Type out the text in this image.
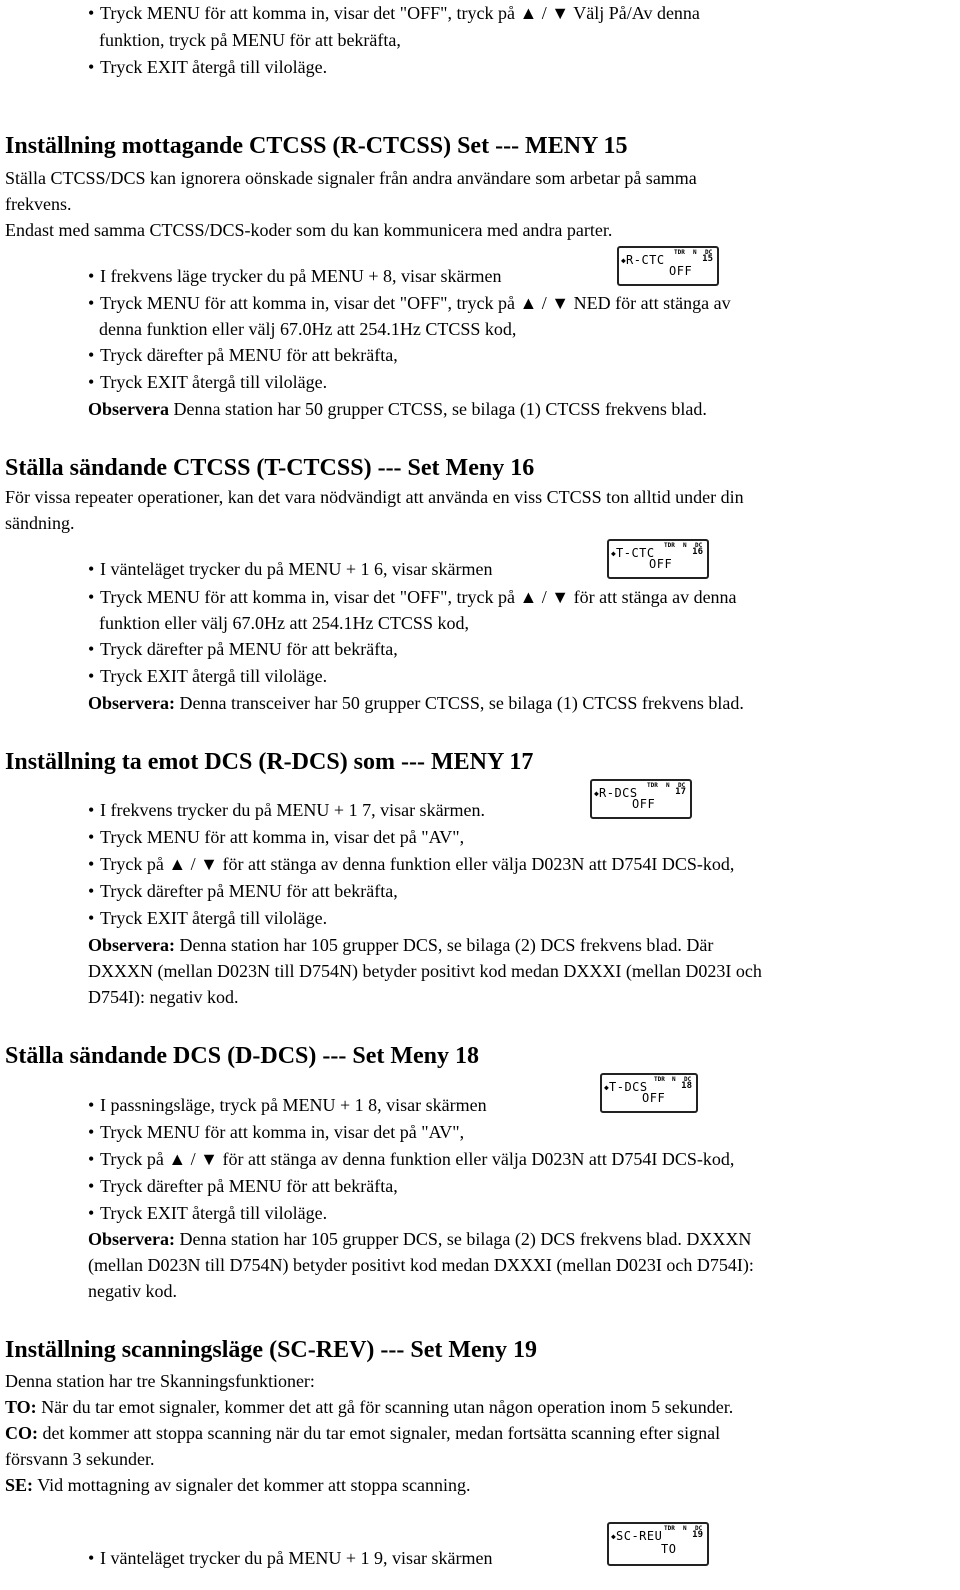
• Tryck MENU för att komma in, visar det "OFF", tryck på ▲ / ▼ Välj På/Av denna
funktion, tryck på MENU för att bekräfta,
• Tryck EXIT återgå till viloläge.
Inställning mottagande CTCSS (R-CTCSS) Set --- MENY 15
Ställa CTCSS/DCS kan ignorera oönskade signaler från andra användare som arbetar på samma
frekvens.
Endast med samma CTCSS/DCS-koder som du kan kommunicera med andra parter.
• I frekvens läge trycker du på MENU + 8, visar skärmen
TDR N DC
◆ R-CTC
OFF
15
• Tryck MENU för att komma in, visar det "OFF", tryck på ▲ / ▼ NED för att stänga av
denna funktion eller välj 67.0Hz att 254.1Hz CTCSS kod,
• Tryck därefter på MENU för att bekräfta,
• Tryck EXIT återgå till viloläge.
Observera Denna station har 50 grupper CTCSS, se bilaga (1) CTCSS frekvens blad.
Ställa sändande CTCSS (T-CTCSS) --- Set Meny 16
För vissa repeater operationer, kan det vara nödvändigt att använda en viss CTCSS ton alltid under din
sändning.
• I vänteläget trycker du på MENU + 1 6, visar skärmen
TDR N DC
◆ T-CTC
OFF
16
• Tryck MENU för att komma in, visar det "OFF", tryck på ▲ / ▼ för att stänga av denna
funktion eller välj 67.0Hz att 254.1Hz CTCSS kod,
• Tryck därefter på MENU för att bekräfta,
• Tryck EXIT återgå till viloläge.
Observera: Denna transceiver har 50 grupper CTCSS, se bilaga (1) CTCSS frekvens blad.
Inställning ta emot DCS (R-DCS) som --- MENY 17
• I frekvens trycker du på MENU + 1 7, visar skärmen.
TDR N DC
◆ R-DCS
OFF
17
• Tryck MENU för att komma in, visar det på "AV",
• Tryck på ▲ / ▼ för att stänga av denna funktion eller välja D023N att D754I DCS-kod,
• Tryck därefter på MENU för att bekräfta,
• Tryck EXIT återgå till viloläge.
Observera: Denna station har 105 grupper DCS, se bilaga (2) DCS frekvens blad. Där
DXXXN (mellan D023N till D754N) betyder positivt kod medan DXXXI (mellan D023I och
D754I): negativ kod.
Ställa sändande DCS (D-DCS) --- Set Meny 18
• I passningsläge, tryck på MENU + 1 8, visar skärmen
TDR N DC
◆ T-DCS
OFF
18
• Tryck MENU för att komma in, visar det på "AV",
• Tryck på ▲ / ▼ för att stänga av denna funktion eller välja D023N att D754I DCS-kod,
• Tryck därefter på MENU för att bekräfta,
• Tryck EXIT återgå till viloläge.
Observera: Denna station har 105 grupper DCS, se bilaga (2) DCS frekvens blad. DXXXN
(mellan D023N till D754N) betyder positivt kod medan DXXXI (mellan D023I och D754I):
negativ kod.
Inställning scanningsläge (SC-REV) --- Set Meny 19
Denna station har tre Skanningsfunktioner:
TO: När du tar emot signaler, kommer det att gå för scanning utan någon operation inom 5 sekunder.
CO: det kommer att stoppa scanning när du tar emot signaler, medan fortsätta scanning efter signal
försvann 3 sekunder.
SE: Vid mottagning av signaler det kommer att stoppa scanning.
• I vänteläget trycker du på MENU + 1 9, visar skärmen
TDR N DC
◆ SC-REU
TO
19
